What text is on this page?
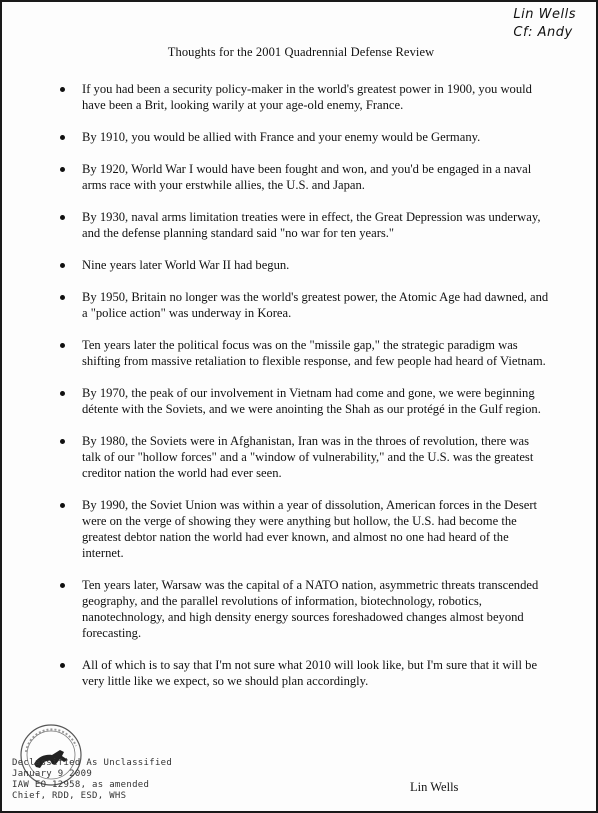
Lin Wells
Cf: Andy
Thoughts for the 2001 Quadrennial Defense Review
If you had been a security policy-maker in the world's greatest power in 1900, you would have been a Brit, looking warily at your age-old enemy, France.
By 1910, you would be allied with France and your enemy would be Germany.
By 1920, World War I would have been fought and won, and you'd be engaged in a naval arms race with your erstwhile allies, the U.S. and Japan.
By 1930, naval arms limitation treaties were in effect, the Great Depression was underway, and the defense planning standard said "no war for ten years."
Nine years later World War II had begun.
By 1950, Britain no longer was the world's greatest power, the Atomic Age had dawned, and a "police action" was underway in Korea.
Ten years later the political focus was on the "missile gap," the strategic paradigm was shifting from massive retaliation to flexible response, and few people had heard of Vietnam.
By 1970, the peak of our involvement in Vietnam had come and gone, we were beginning détente with the Soviets, and we were anointing the Shah as our protégé in the Gulf region.
By 1980, the Soviets were in Afghanistan, Iran was in the throes of revolution, there was talk of our "hollow forces" and a "window of vulnerability," and the U.S. was the greatest creditor nation the world had ever seen.
By 1990, the Soviet Union was within a year of dissolution, American forces in the Desert were on the verge of showing they were anything but hollow, the U.S. had become the greatest debtor nation the world had ever known, and almost no one had heard of the internet.
Ten years later, Warsaw was the capital of a NATO nation, asymmetric threats transcended geography, and the parallel revolutions of information, biotechnology, robotics, nanotechnology, and high density energy sources foreshadowed changes almost beyond forecasting.
All of which is to say that I'm not sure what 2010 will look like, but I'm sure that it will be very little like we expect, so we should plan accordingly.
Declassified As Unclassified
January 9 2009
IAW EO 12958, as amended
Chief, RDD, ESD, WHS
Lin Wells
